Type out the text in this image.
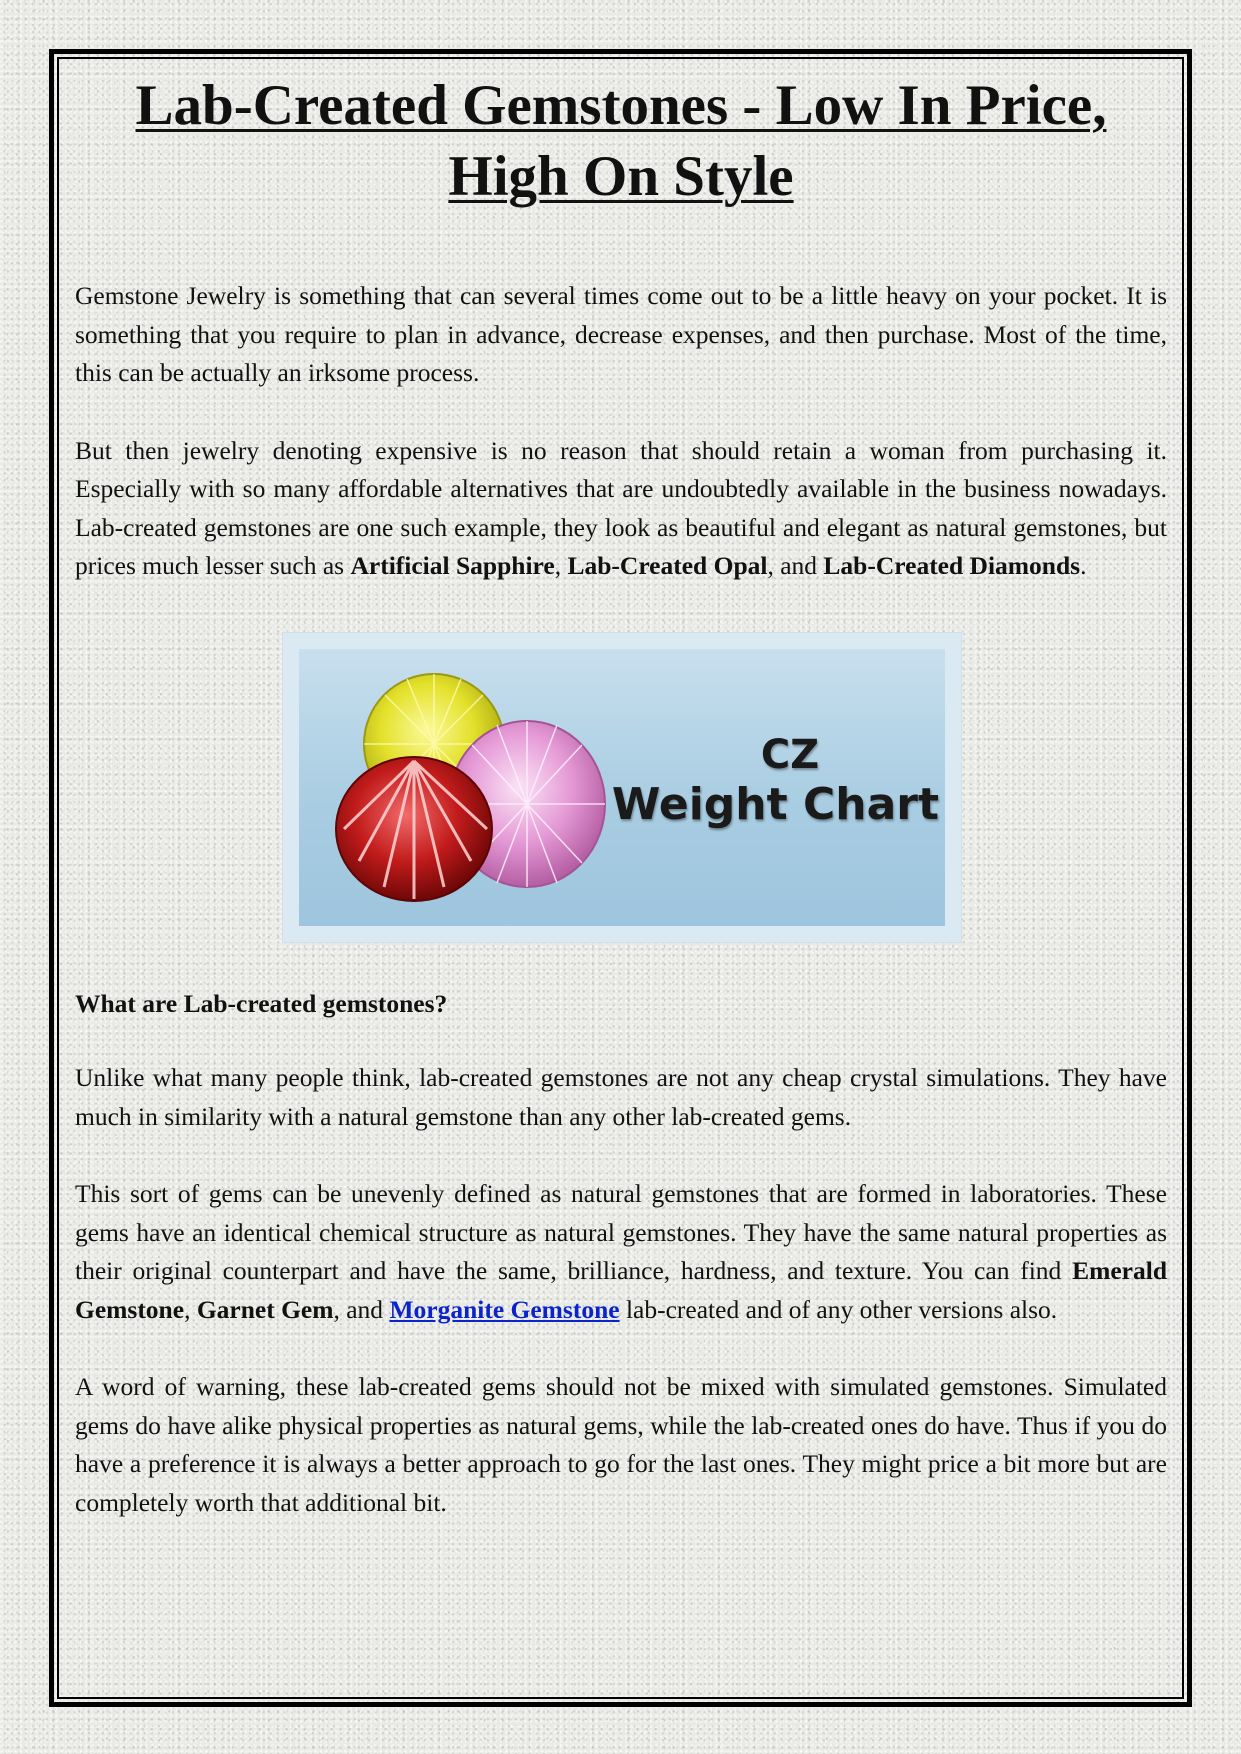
Lab-Created Gemstones - Low In Price,
High On Style

Gemstone Jewelry is something that can several times come out to be a little heavy on your pocket. It is something that you require to plan in advance, decrease expenses, and then purchase. Most of the time, this can be actually an irksome process.

But then jewelry denoting expensive is no reason that should retain a woman from purchasing it. Especially with so many affordable alternatives that are undoubtedly available in the business nowadays. Lab-created gemstones are one such example, they look as beautiful and elegant as natural gemstones, but prices much lesser such as Artificial Sapphire, Lab-Created Opal, and Lab-Created Diamonds.

CZ
Weight Chart
What are Lab-created gemstones?

Unlike what many people think, lab-created gemstones are not any cheap crystal simulations. They have much in similarity with a natural gemstone than any other lab-created gems.

This sort of gems can be unevenly defined as natural gemstones that are formed in laboratories. These gems have an identical chemical structure as natural gemstones. They have the same natural properties as their original counterpart and have the same, brilliance, hardness, and texture. You can find Emerald Gemstone, Garnet Gem, and Morganite Gemstone lab-created and of any other versions also.

A word of warning, these lab-created gems should not be mixed with simulated gemstones. Simulated gems do have alike physical properties as natural gems, while the lab-created ones do have. Thus if you do have a preference it is always a better approach to go for the last ones. They might price a bit more but are completely worth that additional bit.
